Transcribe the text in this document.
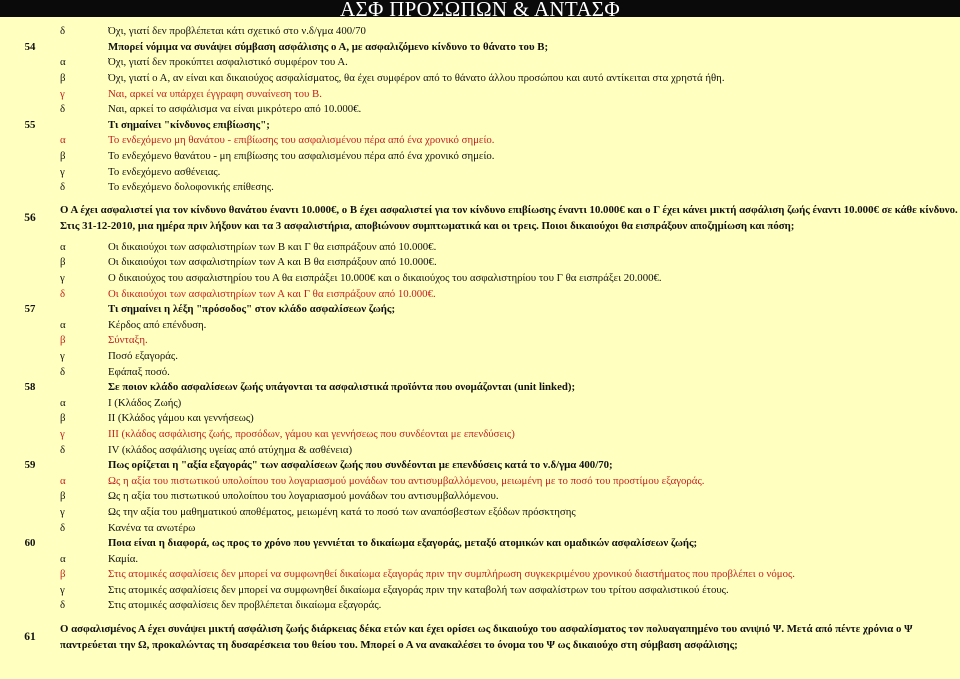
ΑΣΦ ΠΡΟΣΩΠΩΝ & ΑΝΤΑΣΦ
	δ	Όχι, γιατί δεν προβλέπεται κάτι σχετικό στο ν.δ/γμα 400/70
54		Μπορεί νόμιμα να συνάψει σύμβαση ασφάλισης ο Α, με ασφαλιζόμενο κίνδυνο το θάνατο του Β;
	α	Όχι, γιατί δεν προκύπτει ασφαλιστικό συμφέρον του Α.
	β	Όχι, γιατί ο Α, αν είναι και δικαιούχος ασφαλίσματος, θα έχει συμφέρον από το θάνατο άλλου προσώπου και αυτό αντίκειται στα χρηστά ήθη.
	γ	Ναι, αρκεί να υπάρχει έγγραφη συναίνεση του Β.
	δ	Ναι, αρκεί το ασφάλισμα να είναι μικρότερο από 10.000€.
55		Τι σημαίνει "κίνδυνος επιβίωσης";
	α	Το ενδεχόμενο μη θανάτου - επιβίωσης του ασφαλισμένου πέρα από ένα χρονικό σημείο.
	β	Το ενδεχόμενο θανάτου - μη επιβίωσης του ασφαλισμένου πέρα από ένα χρονικό σημείο.
	γ	Το ενδεχόμενο ασθένειας.
	δ	Το ενδεχόμενο δολοφονικής επίθεσης.
56	Ο Α έχει ασφαλιστεί για τον κίνδυνο θανάτου έναντι 10.000€, ο Β έχει ασφαλιστεί για τον κίνδυνο επιβίωσης έναντι 10.000€ και ο Γ έχει κάνει μικτή ασφάλιση ζωής έναντι 10.000€ σε κάθε κίνδυνο. Στις 31-12-2010, μια ημέρα πριν λήξουν και τα 3 ασφαλιστήρια, αποβιώνουν συμπτωματικά και οι τρεις. Ποιοι δικαιούχοι θα εισπράξουν αποζημίωση και πόση;	
	α	Οι δικαιούχοι των ασφαλιστηρίων των Β και Γ θα εισπράξουν από 10.000€.
	β	Οι δικαιούχοι των ασφαλιστηρίων των Α και Β θα εισπράξουν από 10.000€.
	γ	Ο δικαιούχος του ασφαλιστηρίου του Α θα εισπράξει 10.000€ και ο δικαιούχος του ασφαλιστηρίου του Γ θα εισπράξει 20.000€.
	δ	Οι δικαιούχοι των ασφαλιστηρίων των Α και Γ θα εισπράξουν από 10.000€.
57		Τι σημαίνει η λέξη "πρόσοδος" στον κλάδο ασφαλίσεων ζωής;
	α	Κέρδος από επένδυση.
	β	Σύνταξη.
	γ	Ποσό εξαγοράς.
	δ	Εφάπαξ ποσό.
58		Σε ποιον κλάδο ασφαλίσεων ζωής υπάγονται τα ασφαλιστικά προϊόντα που ονομάζονται (unit linked);
	α	Ι (Κλάδος Ζωής)
	β	ΙΙ (Κλάδος γάμου και γεννήσεως)
	γ	ΙΙΙ (κλάδος ασφάλισης ζωής, προσόδων, γάμου και γεννήσεως που συνδέονται με επενδύσεις)
	δ	IV (κλάδος ασφάλισης υγείας από ατύχημα & ασθένεια)
59		Πως ορίζεται η "αξία εξαγοράς" των ασφαλίσεων ζωής που συνδέονται με επενδύσεις κατά το ν.δ/γμα 400/70;
	α	Ως η αξία του πιστωτικού υπολοίπου του λογαριασμού μονάδων του αντισυμβαλλόμενου, μειωμένη με το ποσό του προστίμου εξαγοράς.
	β	Ως η αξία του πιστωτικού υπολοίπου του λογαριασμού μονάδων του αντισυμβαλλόμενου.
	γ	Ως την αξία του μαθηματικού αποθέματος, μειωμένη κατά το ποσό των αναπόσβεστων εξόδων πρόσκτησης
	δ	Κανένα τα ανωτέρω
60		Ποια είναι η διαφορά, ως προς το χρόνο που γεννιέται το δικαίωμα εξαγοράς, μεταξύ ατομικών και ομαδικών ασφαλίσεων ζωής;
	α	Καμία.
	β	Στις ατομικές ασφαλίσεις δεν μπορεί να συμφωνηθεί δικαίωμα εξαγοράς πριν την συμπλήρωση συγκεκριμένου χρονικού διαστήματος που προβλέπει ο νόμος.
	γ	Στις ατομικές ασφαλίσεις δεν μπορεί να συμφωνηθεί δικαίωμα εξαγοράς πριν την καταβολή των ασφαλίστρων του τρίτου ασφαλιστικού έτους.
	δ	Στις ατομικές ασφαλίσεις δεν προβλέπεται δικαίωμα εξαγοράς.
61	Ο ασφαλισμένος Α έχει συνάψει μικτή ασφάλιση ζωής διάρκειας δέκα ετών και έχει ορίσει ως δικαιούχο του ασφαλίσματος τον πολυαγαπημένο του ανιψιό Ψ. Μετά από πέντε χρόνια ο Ψ παντρεύεται την Ω, προκαλώντας τη δυσαρέσκεια του θείου του. Μπορεί ο Α να ανακαλέσει το όνομα του Ψ ως δικαιούχο στη σύμβαση ασφάλισης;	
